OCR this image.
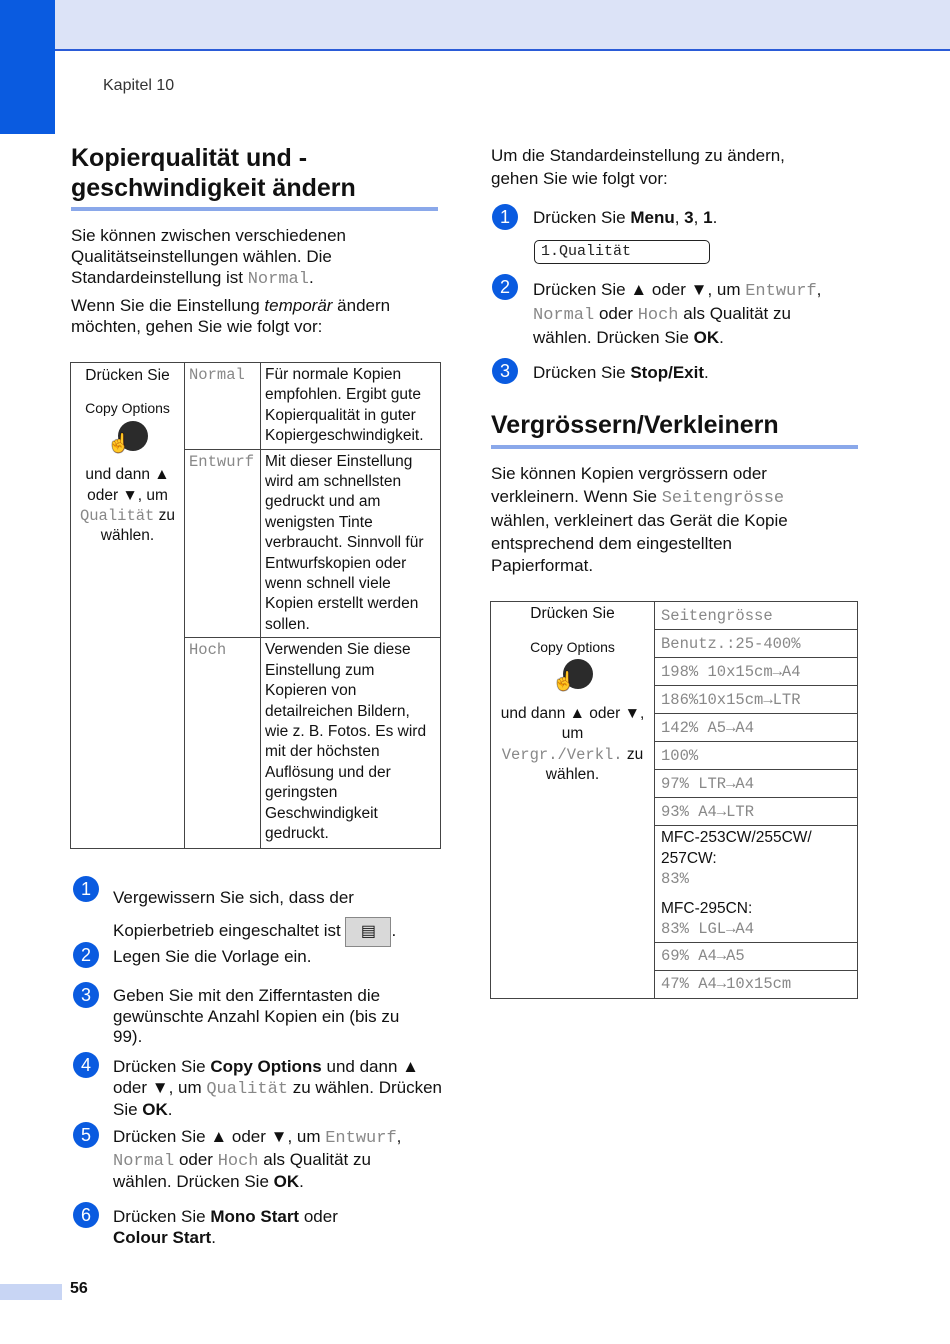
Kapitel 10
Kopierqualität und -
geschwindigkeit ändern

Sie können zwischen verschiedenen Qualitätseinstellungen wählen. Die Standardeinstellung ist Normal.

Wenn Sie die Einstellung temporär ändern möchten, gehen Sie wie folgt vor:

Drücken Sie
Copy Options
☝
und dann ▲ oder ▼, um
Qualität zu wählen.	Normal	Für normale Kopien empfohlen. Ergibt gute Kopierqualität in guter Kopiergeschwindigkeit.
	Entwurf	Mit dieser Einstellung wird am schnellsten gedruckt und am wenigsten Tinte verbraucht. Sinnvoll für Entwurfskopien oder wenn schnell viele Kopien erstellt werden sollen.
	Hoch	Verwenden Sie diese Einstellung zum Kopieren von detailreichen Bildern, wie z. B. Fotos. Es wird mit der höchsten Auflösung und der geringsten Geschwindigkeit gedruckt.
1	Vergewissern Sie sich, dass der
Kopierbetrieb eingeschaltet ist ▤ .

2	Legen Sie die Vorlage ein.

3	Geben Sie mit den Zifferntasten die gewünschte Anzahl Kopien ein (bis zu 99).

4	Drücken Sie Copy Options und dann ▲ oder ▼, um Qualität zu wählen. Drücken Sie OK.

5	Drücken Sie ▲ oder ▼, um Entwurf, Normal oder Hoch als Qualität zu wählen. Drücken Sie OK.

6	Drücken Sie Mono Start oder
Colour Start.

Um die Standardeinstellung zu ändern, gehen Sie wie folgt vor:

1	Drücken Sie Menu, 3, 1.

1.Qualität
2	Drücken Sie ▲ oder ▼, um Entwurf, Normal oder Hoch als Qualität zu wählen. Drücken Sie OK.

3	Drücken Sie Stop/Exit.

Vergrössern/Verkleinern

Sie können Kopien vergrössern oder verkleinern. Wenn Sie Seitengrösse wählen, verkleinert das Gerät die Kopie entsprechend dem eingestellten Papierformat.

Drücken Sie
Copy Options
☝
und dann ▲ oder ▼, um
Vergr./Verkl. zu wählen.
	Seitengrösse
Benutz.:25-400%
198% 10x15cm→A4
186%10x15cm→LTR
142% A5→A4
100%
97% LTR→A4
93% A4→LTR

MFC-253CW/255CW/ 257CW:
83%
MFC-295CN:
83% LGL→A4

69% A4→A5
47% A4→10x15cm
56
